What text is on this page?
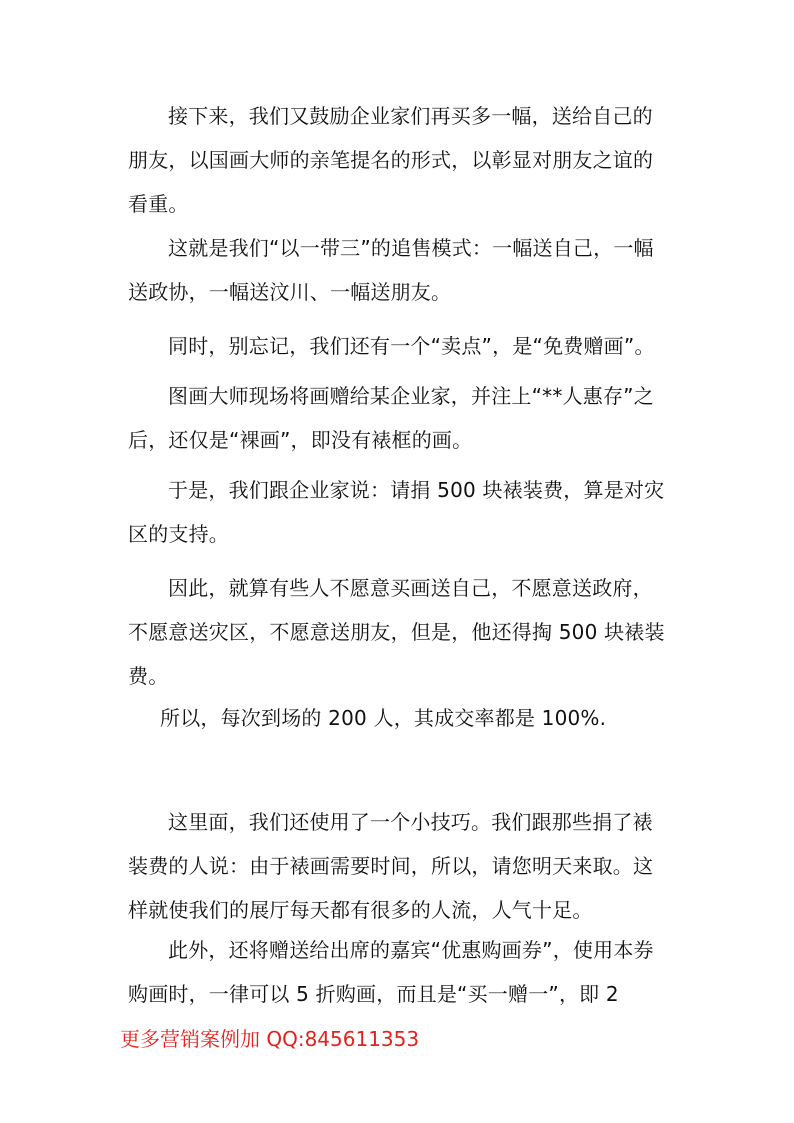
接下来，我们又鼓励企业家们再买多一幅，送给自己的朋友，以国画大师的亲笔提名的形式，以彰显对朋友之谊的看重。

这就是我们“以一带三”的追售模式：一幅送自己，一幅送政协，一幅送汶川、一幅送朋友。

同时，别忘记，我们还有一个“卖点”，是“免费赠画”。

图画大师现场将画赠给某企业家，并注上“**人惠存”之后，还仅是“裸画”，即没有裱框的画。

于是，我们跟企业家说：请捐 500 块裱装费，算是对灾区的支持。

因此，就算有些人不愿意买画送自己，不愿意送政府，不愿意送灾区，不愿意送朋友，但是，他还得掏 500 块裱装费。

所以，每次到场的 200 人，其成交率都是 100%.

这里面，我们还使用了一个小技巧。我们跟那些捐了裱装费的人说：由于裱画需要时间，所以，请您明天来取。这样就使我们的展厅每天都有很多的人流，人气十足。

此外，还将赠送给出席的嘉宾“优惠购画券”，使用本券购画时，一律可以 5 折购画，而且是“买一赠一”，即 2

更多营销案例加 QQ:845611353
